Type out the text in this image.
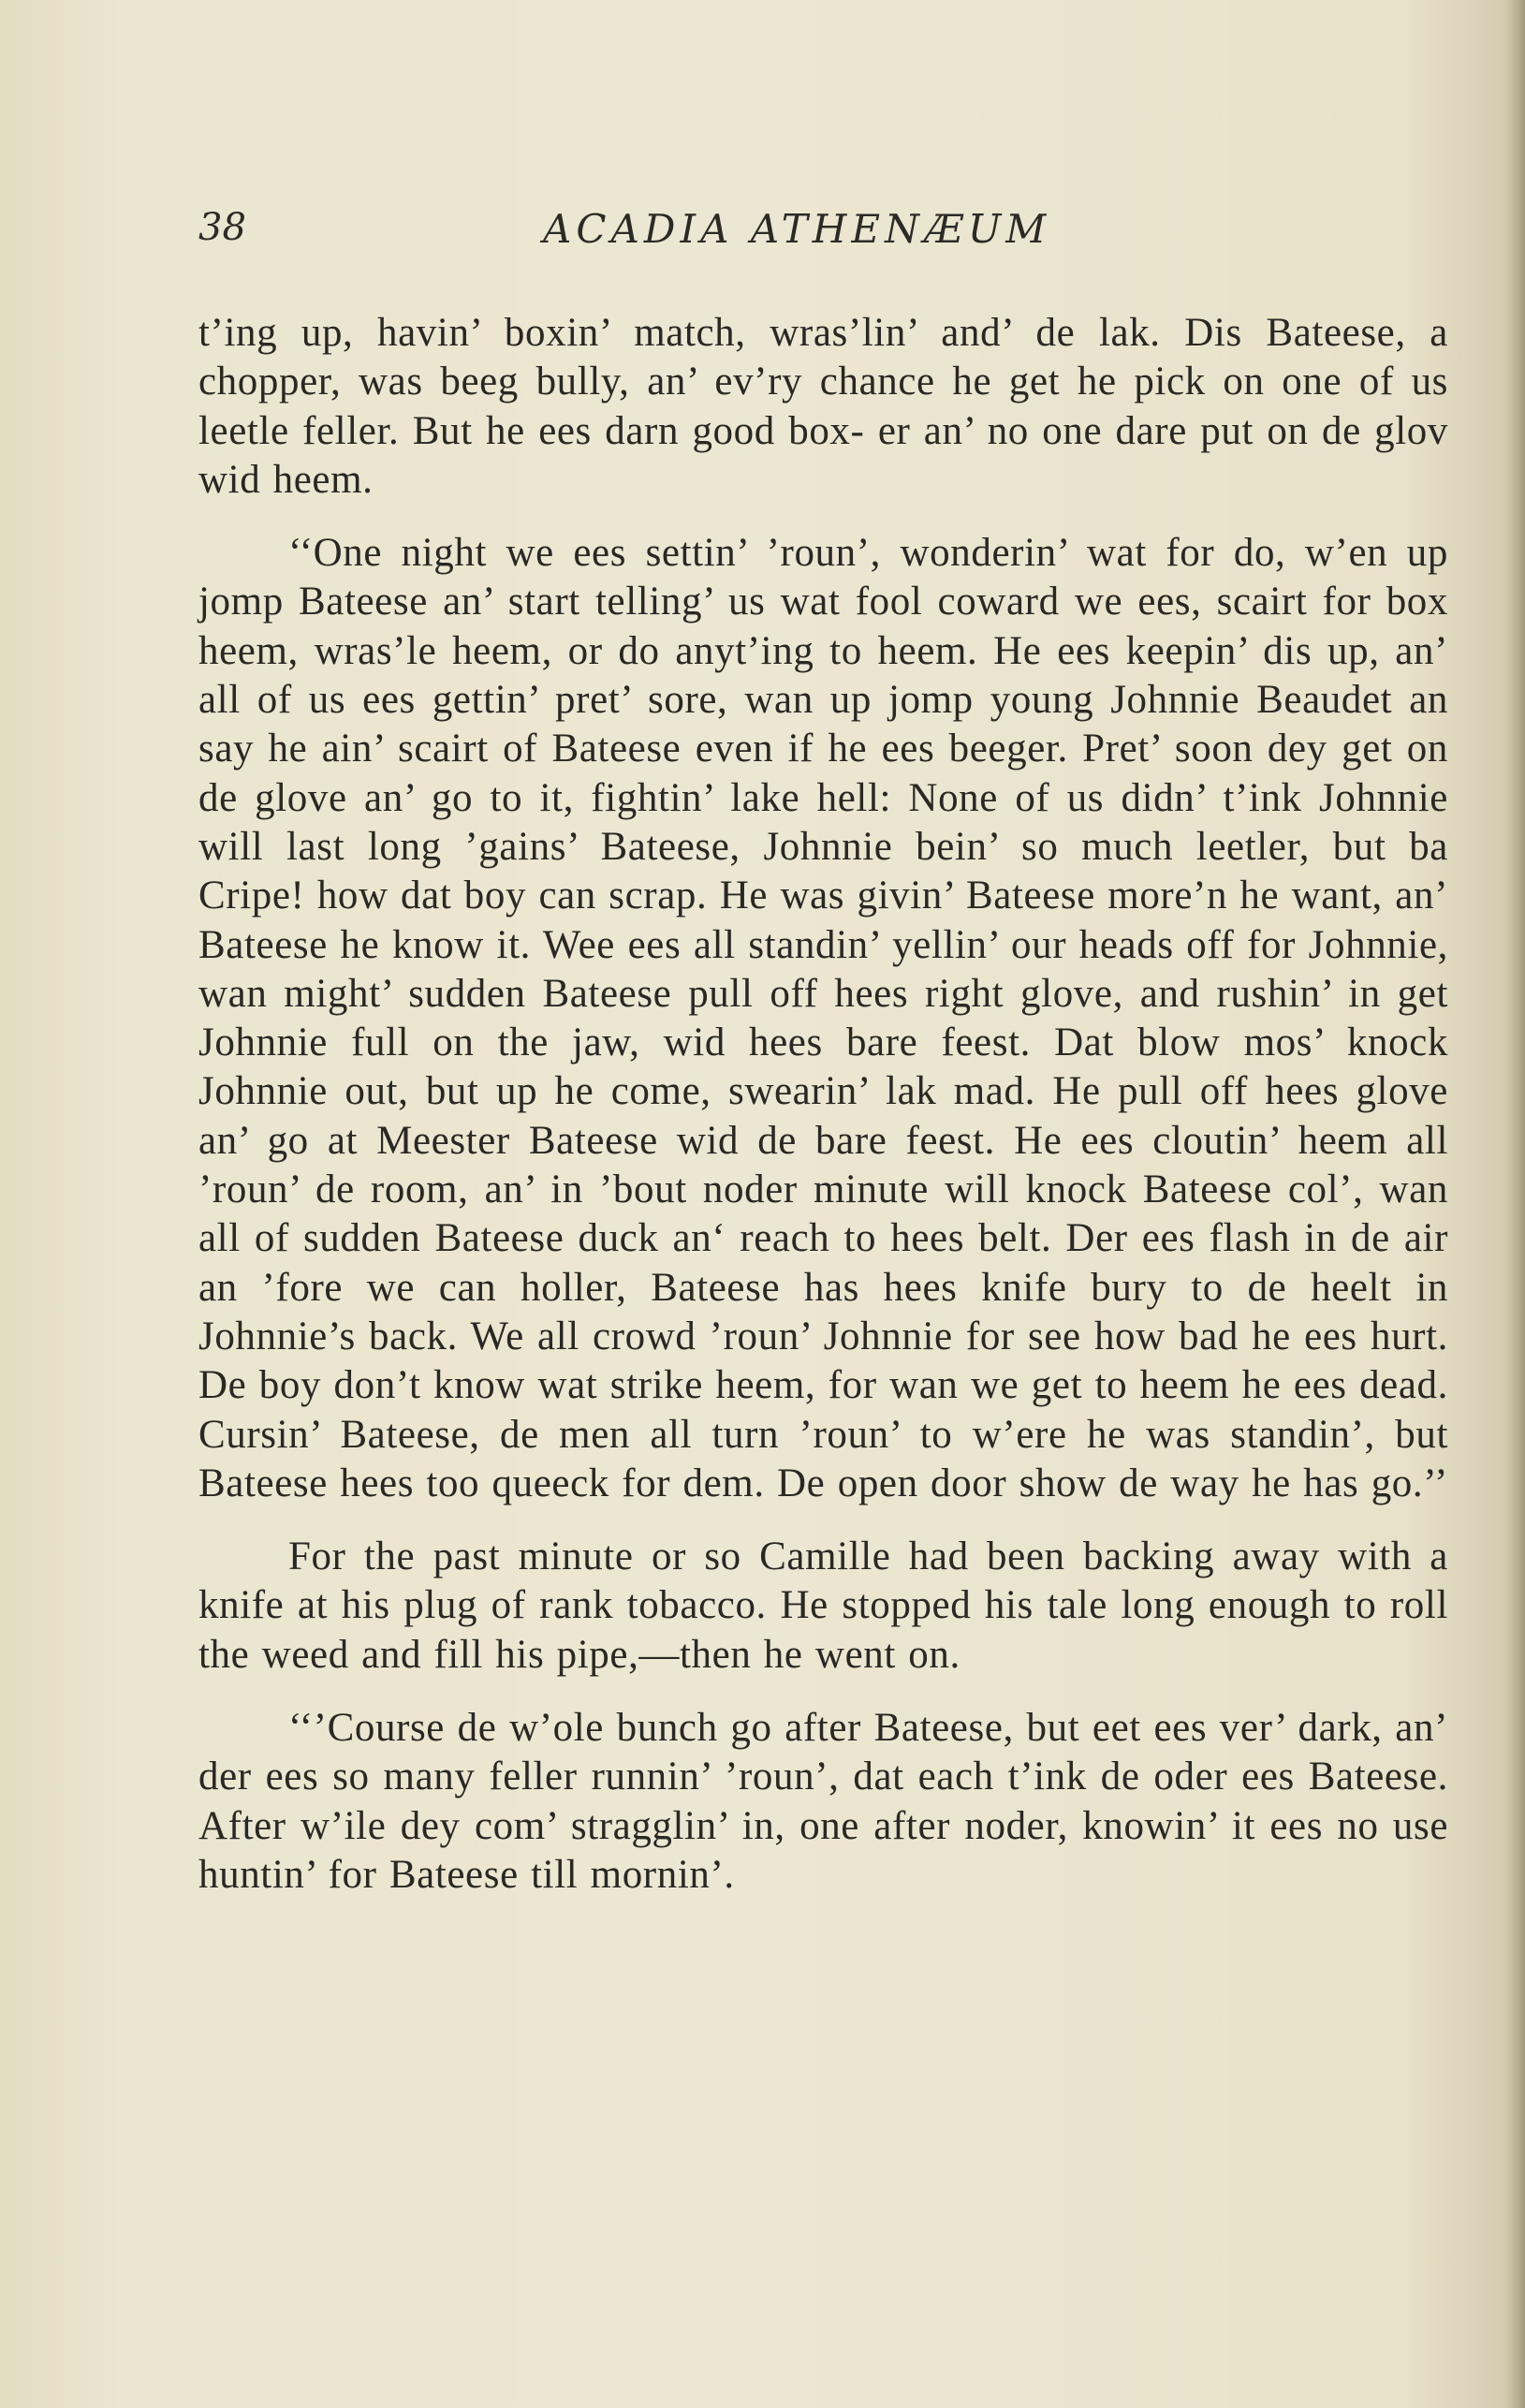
38	ACADIA ATHENÆUM

t’ing up, havin’ boxin’ match, wras’lin’ and’ de lak. Dis Bateese, a chopper, was beeg bully, an’ ev’ry chance he get he pick on one of us leetle feller. But he ees darn good box- er an’ no one dare put on de glov wid heem.

‘‘One night we ees settin’ ’roun’, wonderin’ wat for do, w’en up jomp Bateese an’ start telling’ us wat fool coward we ees, scairt for box heem, wras’le heem, or do anyt’ing to heem. He ees keepin’ dis up, an’ all of us ees gettin’ pret’ sore, wan up jomp young Johnnie Beaudet an say he ain’ scairt of Bateese even if he ees beeger. Pret’ soon dey get on de glove an’ go to it, fightin’ lake hell: None of us didn’ t’ink Johnnie will last long ’gains’ Bateese, Johnnie bein’ so much leetler, but ba Cripe! how dat boy can scrap. He was givin’ Bateese more’n he want, an’ Bateese he know it. Wee ees all standin’ yellin’ our heads off for Johnnie, wan might’ sudden Bateese pull off hees right glove, and rushin’ in get Johnnie full on the jaw, wid hees bare feest. Dat blow mos’ knock Johnnie out, but up he come, swearin’ lak mad. He pull off hees glove an’ go at Meester Bateese wid de bare feest. He ees cloutin’ heem all ’roun’ de room, an’ in ’bout noder minute will knock Bateese col’, wan all of sudden Bateese duck an‘ reach to hees belt. Der ees flash in de air an ’fore we can holler, Bateese has hees knife bury to de heelt in Johnnie’s back. We all crowd ’roun’ Johnnie for see how bad he ees hurt. De boy don’t know wat strike heem, for wan we get to heem he ees dead. Cursin’ Bateese, de men all turn ’roun’ to w’ere he was standin’, but Bateese hees too queeck for dem. De open door show de way he has go.’’

For the past minute or so Camille had been backing away with a knife at his plug of rank tobacco. He stopped his tale long enough to roll the weed and fill his pipe,—then he went on.

‘‘’Course de w’ole bunch go after Bateese, but eet ees ver’ dark, an’ der ees so many feller runnin’ ’roun’, dat each t’ink de oder ees Bateese. After w’ile dey com’ stragglin’ in, one after noder, knowin’ it ees no use huntin’ for Bateese till mornin’.
